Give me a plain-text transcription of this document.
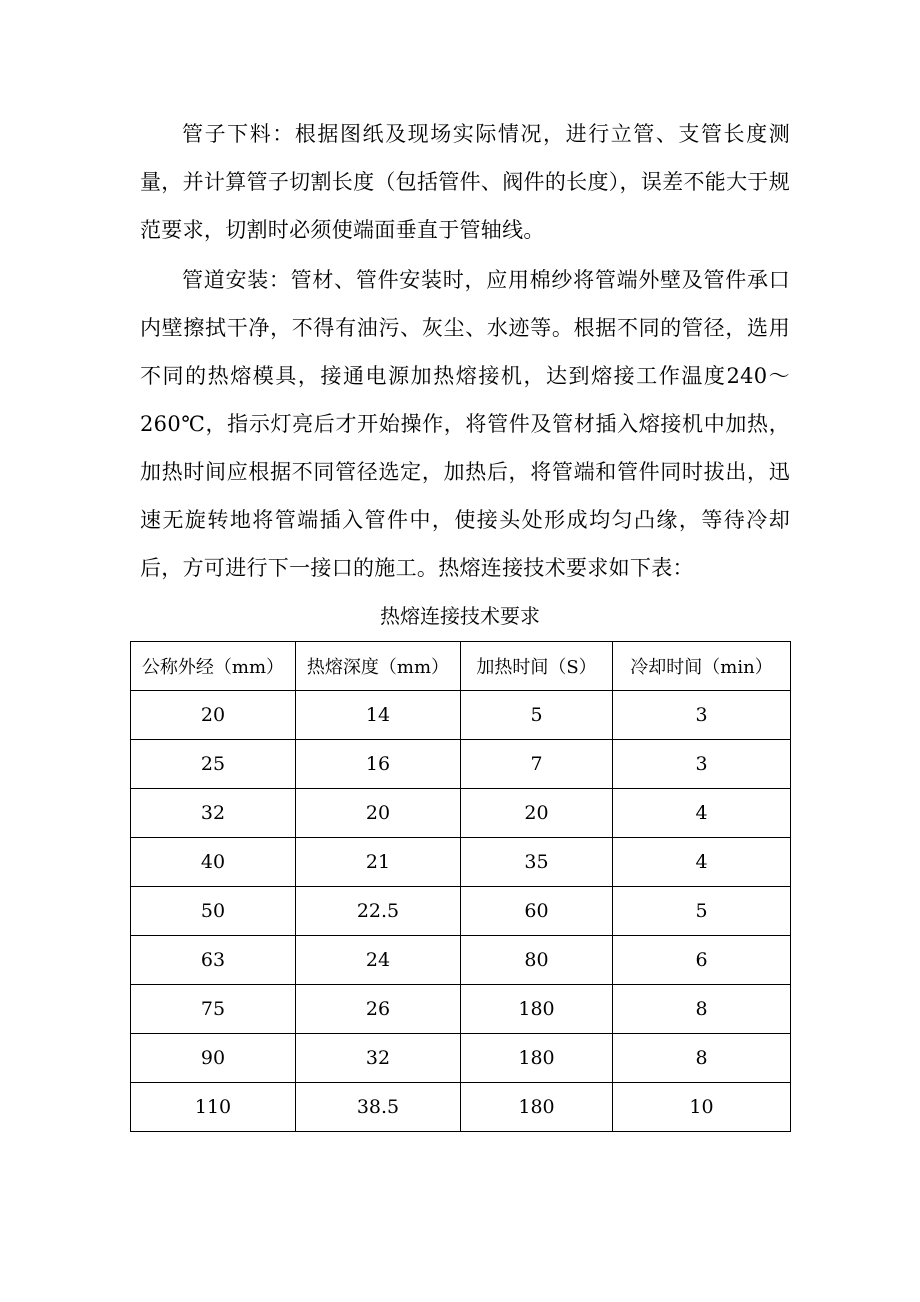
管子下料：根据图纸及现场实际情况，进行立管、支管长度测量，并计算管子切割长度（包括管件、阀件的长度），误差不能大于规范要求，切割时必须使端面垂直于管轴线。

管道安装：管材、管件安装时，应用棉纱将管端外壁及管件承口内壁擦拭干净，不得有油污、灰尘、水迹等。根据不同的管径，选用不同的热熔模具，接通电源加热熔接机，达到熔接工作温度240～260℃，指示灯亮后才开始操作，将管件及管材插入熔接机中加热，加热时间应根据不同管径选定，加热后，将管端和管件同时拔出，迅速无旋转地将管端插入管件中，使接头处形成均匀凸缘，等待冷却后，方可进行下一接口的施工。热熔连接技术要求如下表：

热熔连接技术要求
公称外经（mm）	热熔深度（mm）	加热时间（S）	冷却时间（min）
20	14	5	3
25	16	7	3
32	20	20	4
40	21	35	4
50	22.5	60	5
63	24	80	6
75	26	180	8
90	32	180	8
110	38.5	180	10
